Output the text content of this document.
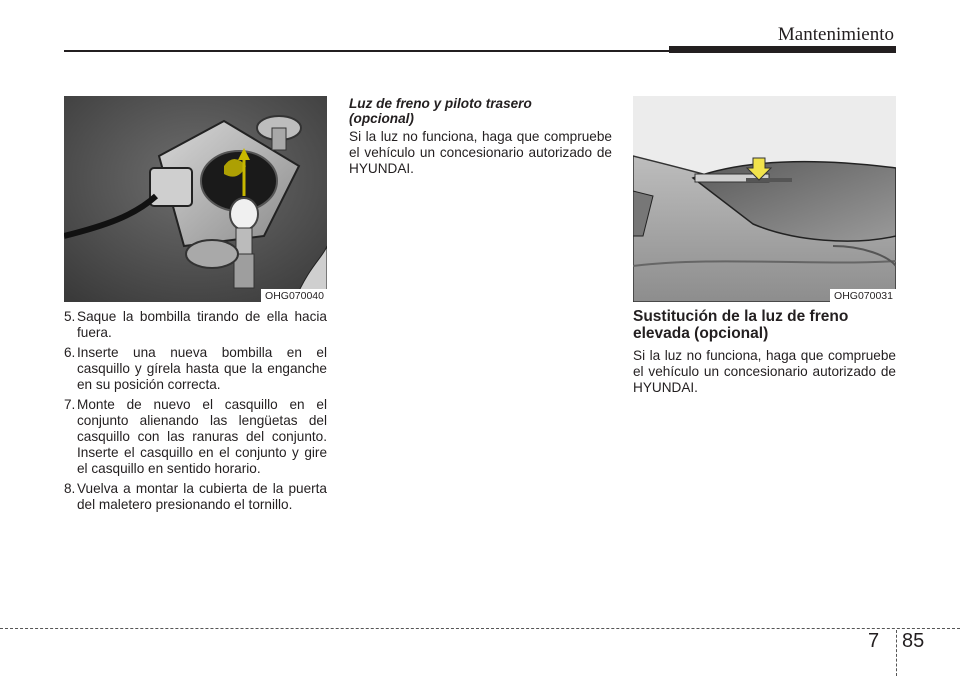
Mantenimiento
OHG070040	OHG070031
5. Saque la bombilla tirando de ella hacia fuera.
6. Inserte una nueva bombilla en el casquillo y gírela hasta que la enganche en su posición correcta.
7. Monte de nuevo el casquillo en el conjunto alienando las lengüetas del casquillo con las ranuras del conjunto. Inserte el casquillo en el conjunto y gire el casquillo en sentido horario.
8. Vuelva a montar la cubierta de la puerta del maletero presionando el tornillo.
Luz de freno y piloto trasero
(opcional)

Si la luz no funciona, haga que compruebe el vehículo un concesionario autorizado de HYUNDAI.

Sustitución de la luz de freno
elevada (opcional)

Si la luz no funciona, haga que compruebe el vehículo un concesionario autorizado de HYUNDAI.

7 85
